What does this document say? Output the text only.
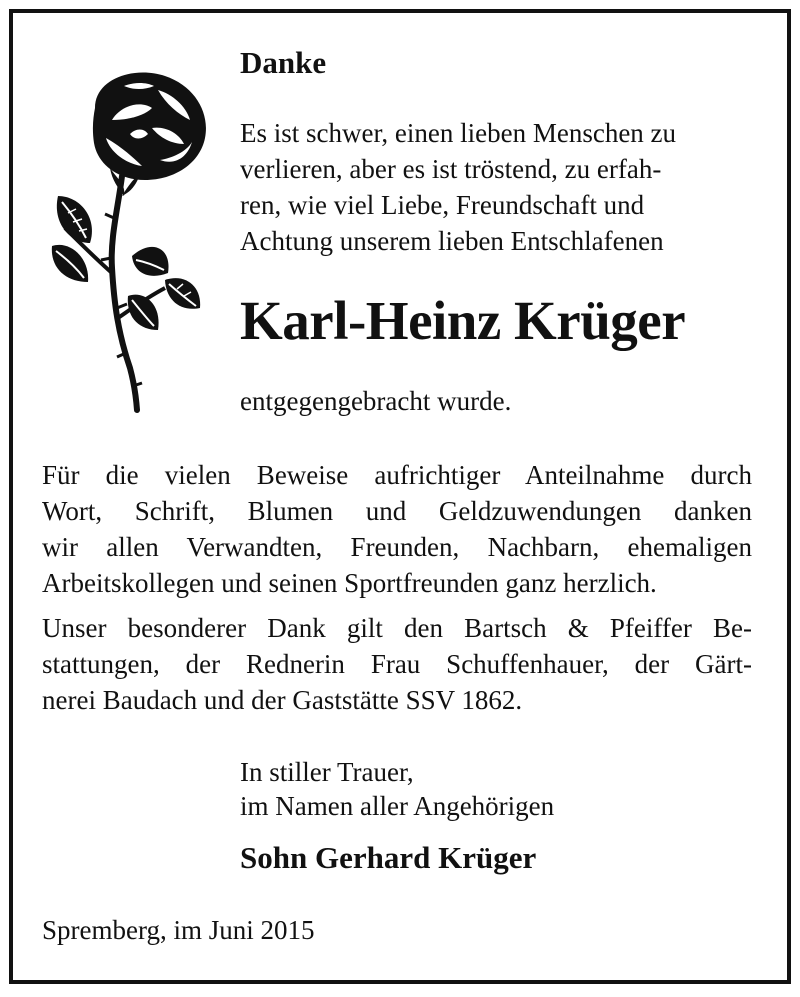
Danke

Es ist schwer, einen lieben Menschen zu
verlieren, aber es ist tröstend, zu erfah-
ren, wie viel Liebe, Freundschaft und
Achtung unserem lieben Entschlafenen

Karl-Heinz Krüger

entgegengebracht wurde.

Für die vielen Beweise aufrichtiger Anteilnahme durch
Wort, Schrift, Blumen und Geldzuwendungen danken
wir allen Verwandten, Freunden, Nachbarn, ehemaligen
Arbeitskollegen und seinen Sportfreunden ganz herzlich.

Unser besonderer Dank gilt den Bartsch & Pfeiffer Be-
stattungen, der Rednerin Frau Schuffenhauer, der Gärt-
nerei Baudach und der Gaststätte SSV 1862.

In stiller Trauer,
im Namen aller Angehörigen

Sohn Gerhard Krüger

Spremberg, im Juni 2015
